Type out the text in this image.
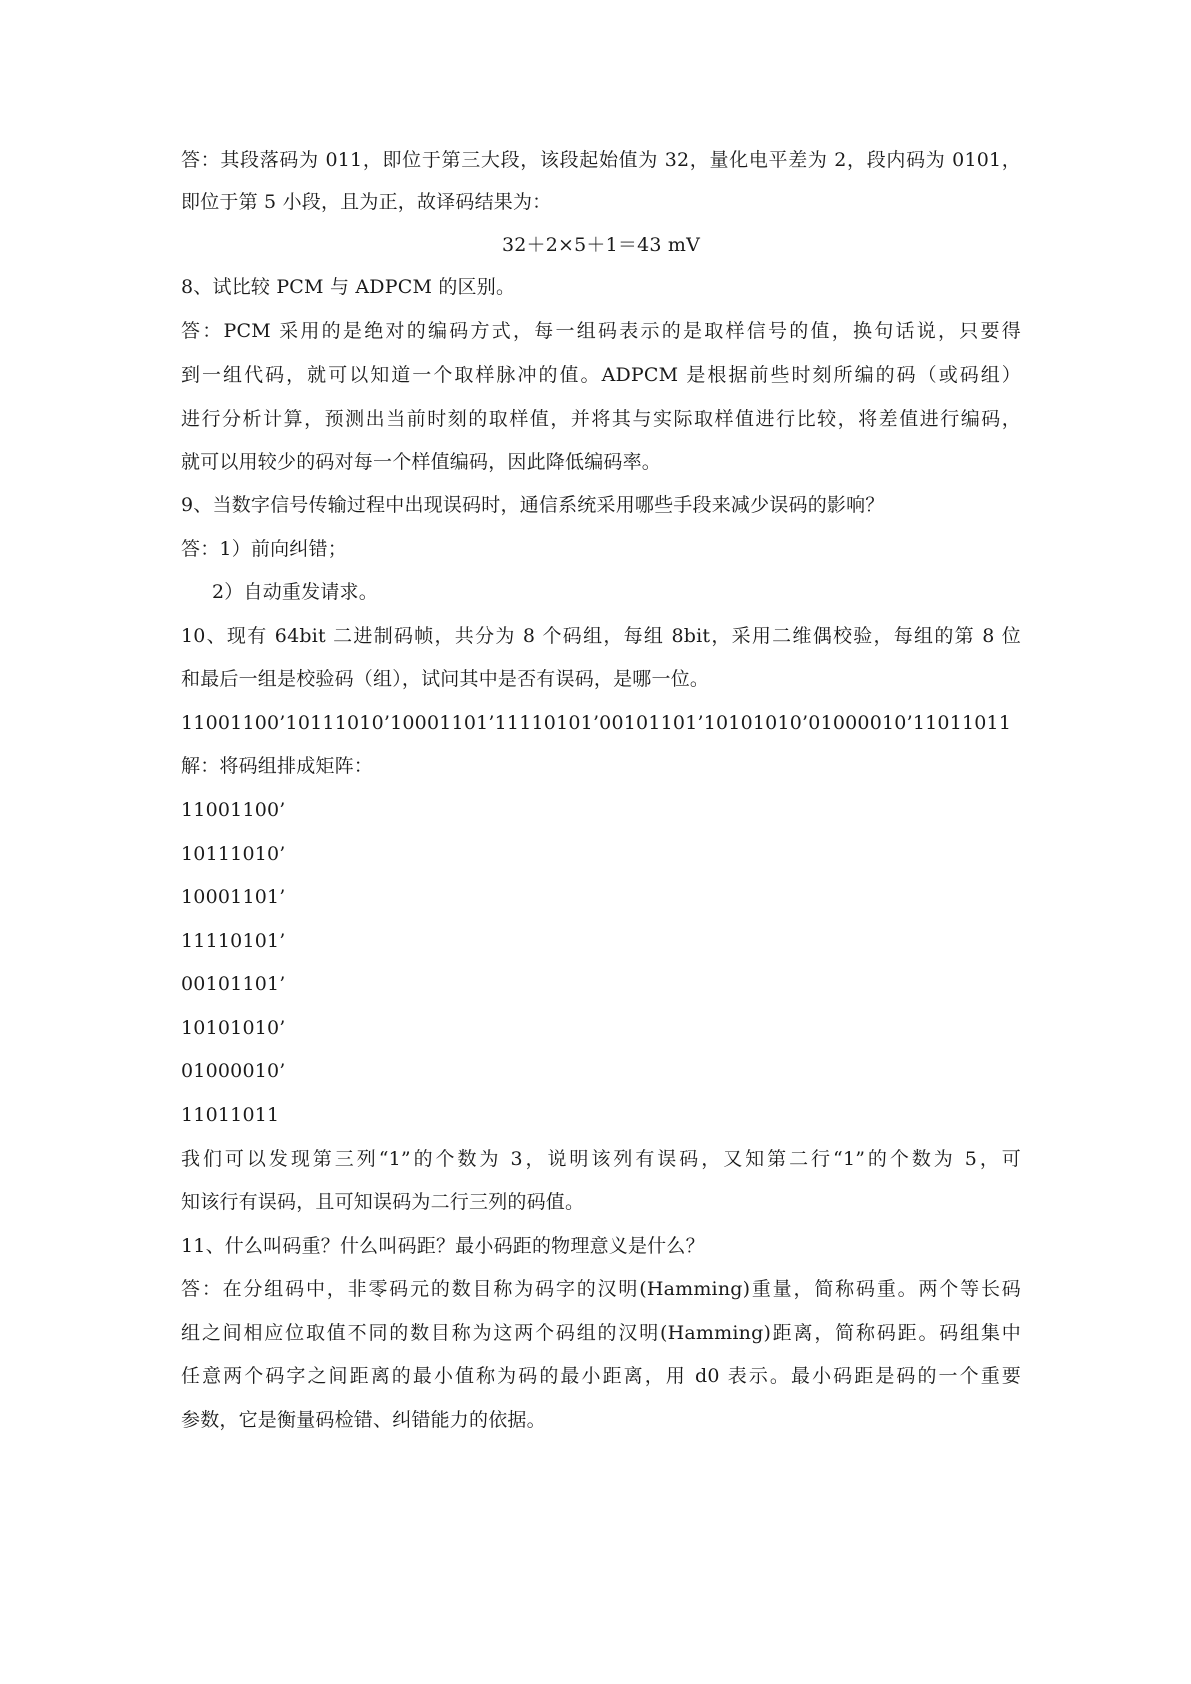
答：其段落码为 011，即位于第三大段，该段起始值为 32，量化电平差为 2，段内码为 0101，
即位于第 5 小段，且为正，故译码结果为：
32＋2×5＋1＝43 mV
8、试比较 PCM 与 ADPCM 的区别。
答：PCM 采用的是绝对的编码方式，每一组码表示的是取样信号的值，换句话说，只要得
到一组代码，就可以知道一个取样脉冲的值。ADPCM 是根据前些时刻所编的码（或码组）
进行分析计算，预测出当前时刻的取样值，并将其与实际取样值进行比较，将差值进行编码，
就可以用较少的码对每一个样值编码，因此降低编码率。
9、当数字信号传输过程中出现误码时，通信系统采用哪些手段来减少误码的影响？
答：1）前向纠错；
2）自动重发请求。
10、现有 64bit 二进制码帧，共分为 8 个码组，每组 8bit，采用二维偶校验，每组的第 8 位
和最后一组是校验码（组），试问其中是否有误码，是哪一位。
11001100’10111010’10001101’11110101’00101101’10101010’01000010’11011011
解：将码组排成矩阵：
11001100’
10111010’
10001101’
11110101’
00101101’
10101010’
01000010’
11011011
我们可以发现第三列“1”的个数为 3，说明该列有误码，又知第二行“1”的个数为 5，可
知该行有误码，且可知误码为二行三列的码值。
11、什么叫码重？什么叫码距？最小码距的物理意义是什么？
答：在分组码中，非零码元的数目称为码字的汉明(Hamming)重量，简称码重。两个等长码
组之间相应位取值不同的数目称为这两个码组的汉明(Hamming)距离，简称码距。码组集中
任意两个码字之间距离的最小值称为码的最小距离，用 d0 表示。最小码距是码的一个重要
参数，它是衡量码检错、纠错能力的依据。
